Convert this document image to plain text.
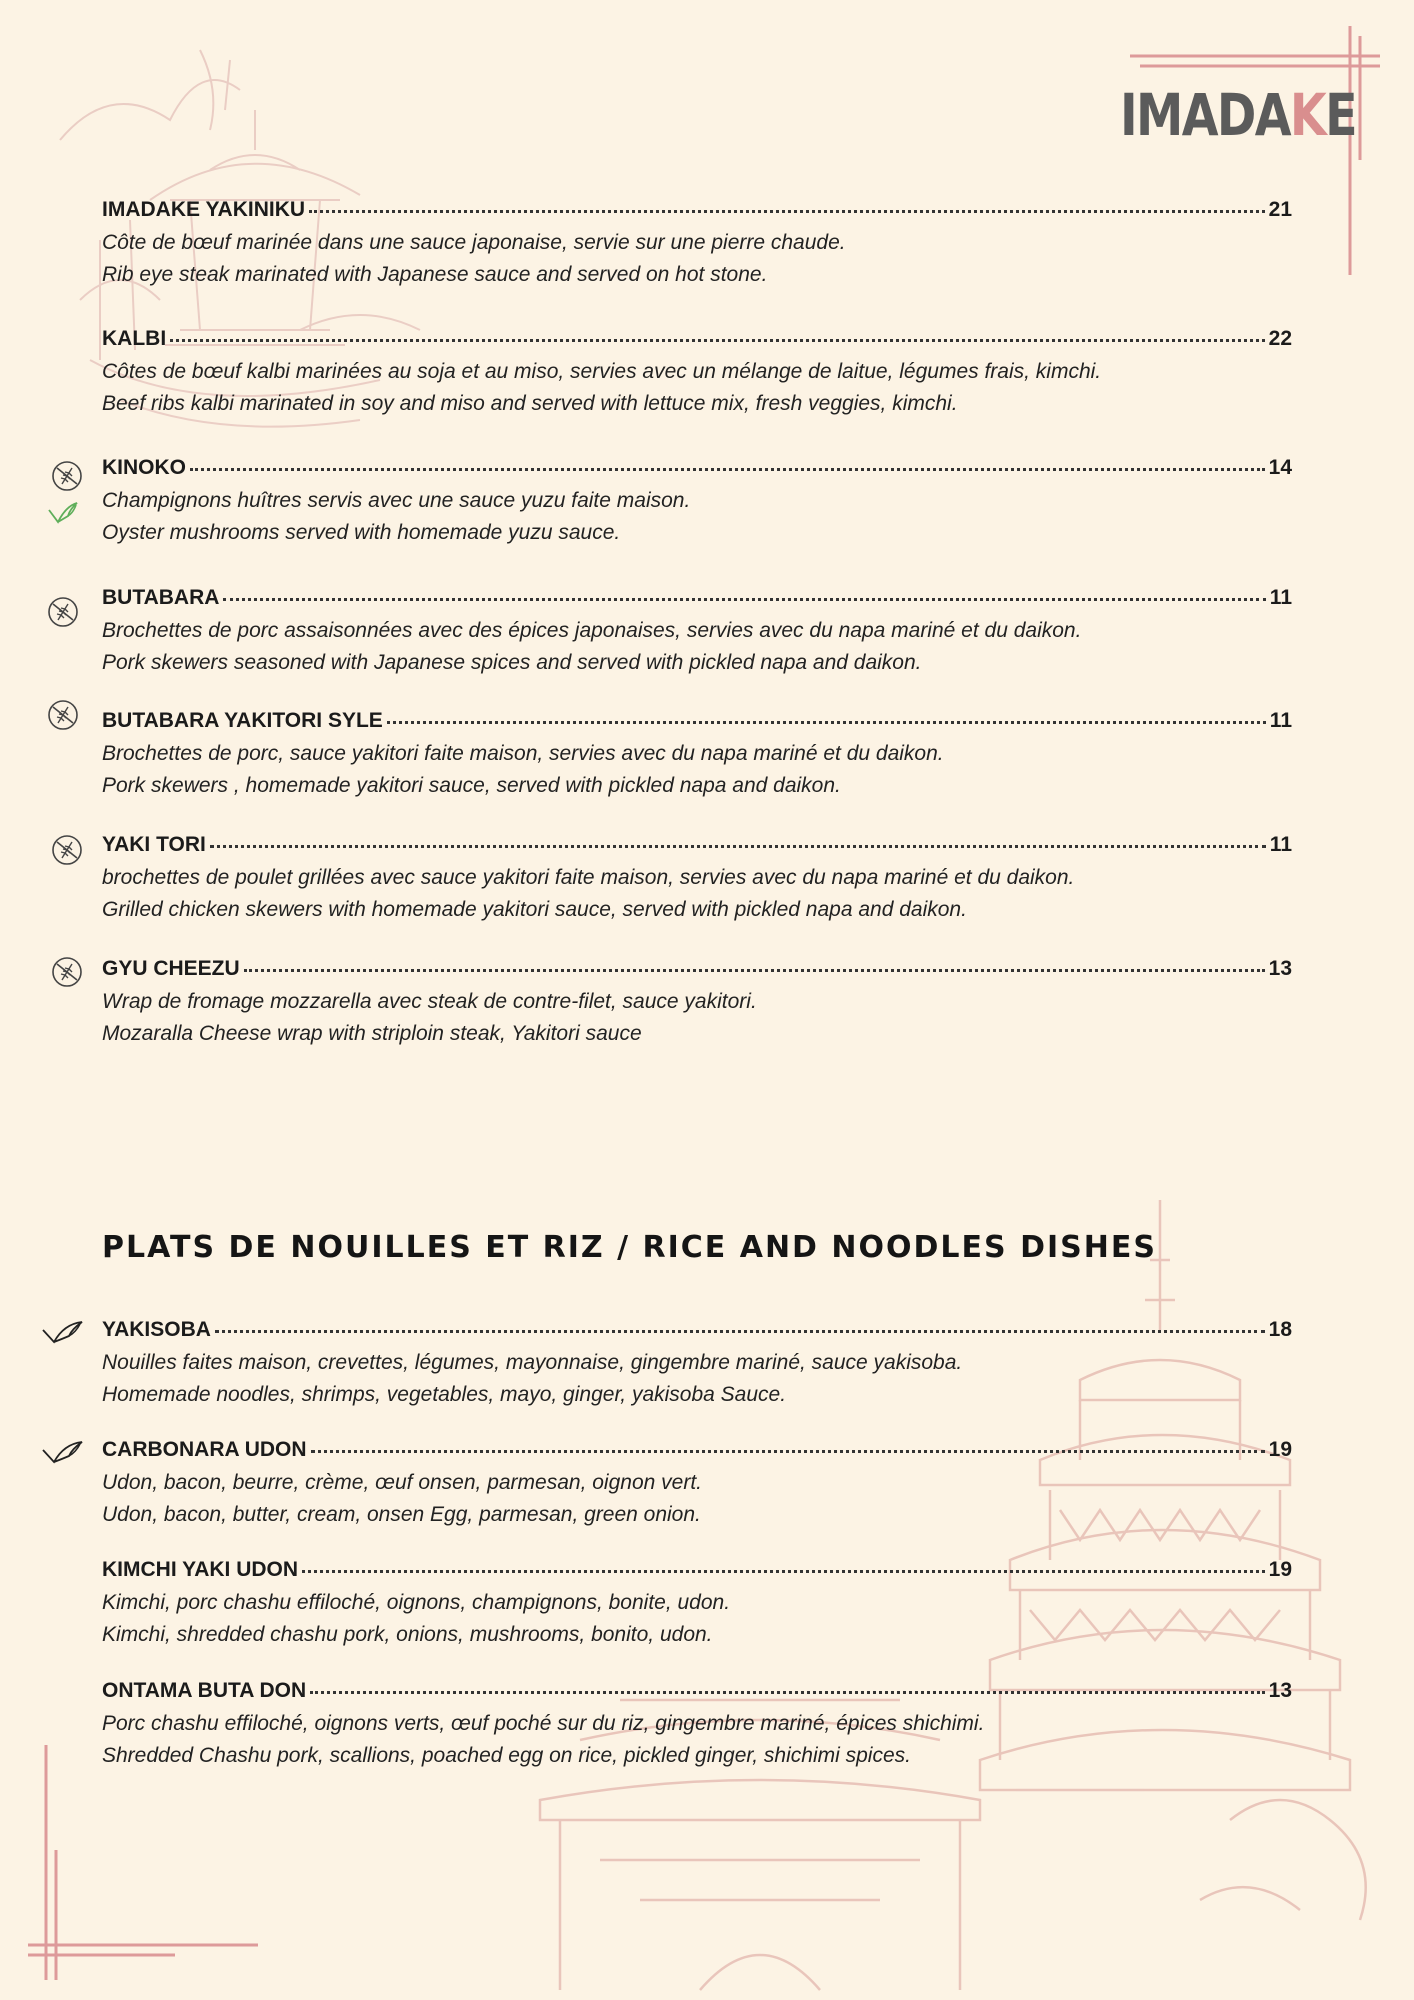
IMADAKE
IMADAKE YAKINIKU	21

Côte de bœuf marinée dans une sauce japonaise, servie sur une pierre chaude.

Rib eye steak marinated with Japanese sauce and served on hot stone.

KALBI	22

Côtes de bœuf kalbi marinées au soja et au miso, servies avec un mélange de laitue, légumes frais, kimchi.

Beef ribs kalbi marinated in soy and miso and served with lettuce mix, fresh veggies, kimchi.

KINOKO	14

Champignons huîtres servis avec une sauce yuzu faite maison.

Oyster mushrooms served with homemade yuzu sauce.

BUTABARA	11

Brochettes de porc assaisonnées avec des épices japonaises, servies avec du napa mariné et du daikon.

Pork skewers seasoned with Japanese spices and served with pickled napa and daikon.

BUTABARA YAKITORI SYLE	11

Brochettes de porc, sauce yakitori faite maison, servies avec du napa mariné et du daikon.

Pork skewers , homemade yakitori sauce, served with pickled napa and daikon.

YAKI TORI	11

brochettes de poulet grillées avec sauce yakitori faite maison, servies avec du napa mariné et du daikon.

Grilled chicken skewers with homemade yakitori sauce, served with pickled napa and daikon.

GYU CHEEZU	13

Wrap de fromage mozzarella avec steak de contre-filet, sauce yakitori.

Mozaralla Cheese wrap with striploin steak, Yakitori sauce

PLATS DE NOUILLES ET RIZ / RICE AND NOODLES DISHES
YAKISOBA	18

Nouilles faites maison, crevettes, légumes, mayonnaise, gingembre mariné, sauce yakisoba.

Homemade noodles, shrimps, vegetables, mayo, ginger, yakisoba Sauce.

CARBONARA UDON	19

Udon, bacon, beurre, crème, œuf onsen, parmesan, oignon vert.

Udon, bacon, butter, cream, onsen Egg, parmesan, green onion.

KIMCHI YAKI UDON	19

Kimchi, porc chashu effiloché, oignons, champignons, bonite, udon.

Kimchi, shredded chashu pork, onions, mushrooms, bonito, udon.

ONTAMA BUTA DON	13

Porc chashu effiloché, oignons verts, œuf poché sur du riz, gingembre mariné, épices shichimi.

Shredded Chashu pork, scallions, poached egg on rice, pickled ginger, shichimi spices.
